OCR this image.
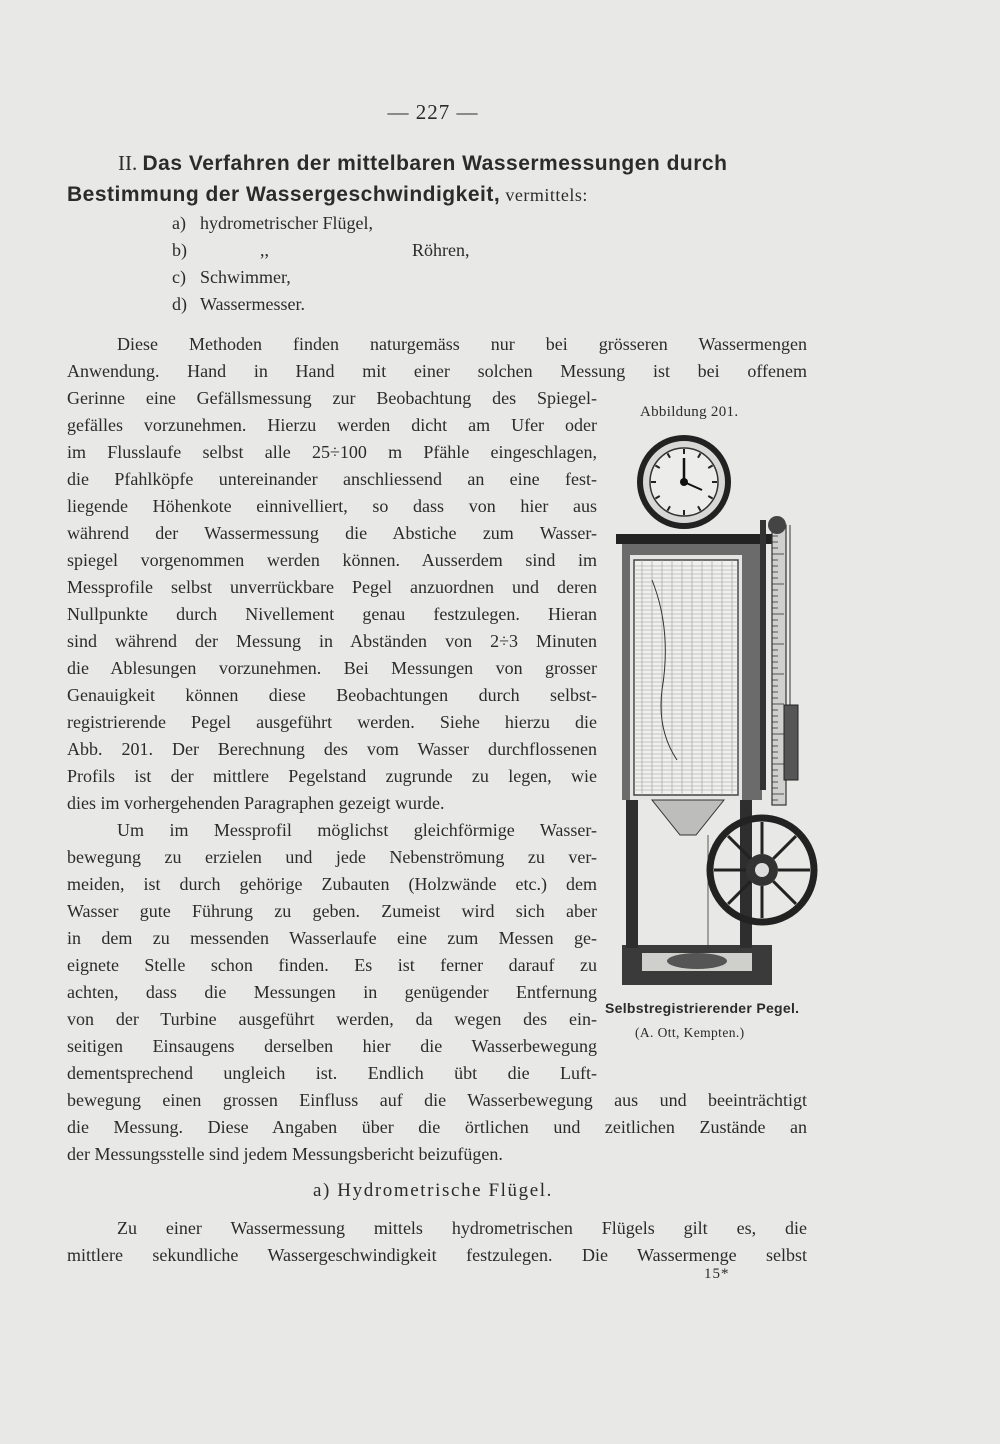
— 227 —
II. Das Verfahren der mittelbaren Wassermessungen durch
Bestimmung der Wassergeschwindigkeit, vermittels:
a) hydrometrischer Flügel,
b)	,,	Röhren,
c) Schwimmer,
d) Wassermesser.
Diese Methoden finden naturgemäss nur bei grösseren Wassermengen
Anwendung. Hand in Hand mit einer solchen Messung ist bei offenem
Gerinne eine Gefällsmessung zur Beobachtung des Spiegel-
gefälles vorzunehmen. Hierzu werden dicht am Ufer oder
im Flusslaufe selbst alle 25÷100 m Pfähle eingeschlagen,
die Pfahlköpfe untereinander anschliessend an eine fest-
liegende Höhenkote einnivelliert, so dass von hier aus
während der Wassermessung die Abstiche zum Wasser-
spiegel vorgenommen werden können. Ausserdem sind im
Messprofile selbst unverrückbare Pegel anzuordnen und deren
Nullpunkte durch Nivellement genau festzulegen. Hieran
sind während der Messung in Abständen von 2÷3 Minuten
die Ablesungen vorzunehmen. Bei Messungen von grosser
Genauigkeit können diese Beobachtungen durch selbst-
registrierende Pegel ausgeführt werden. Siehe hierzu die
Abb. 201. Der Berechnung des vom Wasser durchflossenen
Profils ist der mittlere Pegelstand zugrunde zu legen, wie
dies im vorhergehenden Paragraphen gezeigt wurde.
Um im Messprofil möglichst gleichförmige Wasser-
bewegung zu erzielen und jede Nebenströmung zu ver-
meiden, ist durch gehörige Zubauten (Holzwände etc.) dem
Wasser gute Führung zu geben. Zumeist wird sich aber
in dem zu messenden Wasserlaufe eine zum Messen ge-
eignete Stelle schon finden. Es ist ferner darauf zu
achten, dass die Messungen in genügender Entfernung
von der Turbine ausgeführt werden, da wegen des ein-
seitigen Einsaugens derselben hier die Wasserbewegung
dementsprechend ungleich ist. Endlich übt die Luft-
bewegung einen grossen Einfluss auf die Wasserbewegung aus und beeinträchtigt
die Messung. Diese Angaben über die örtlichen und zeitlichen Zustände an
der Messungsstelle sind jedem Messungsbericht beizufügen.
Abbildung 201.
Selbstregistrierender Pegel.
(A. Ott, Kempten.)
a) Hydrometrische Flügel.
Zu einer Wassermessung mittels hydrometrischen Flügels gilt es, die
mittlere sekundliche Wassergeschwindigkeit festzulegen. Die Wassermenge selbst
15*
